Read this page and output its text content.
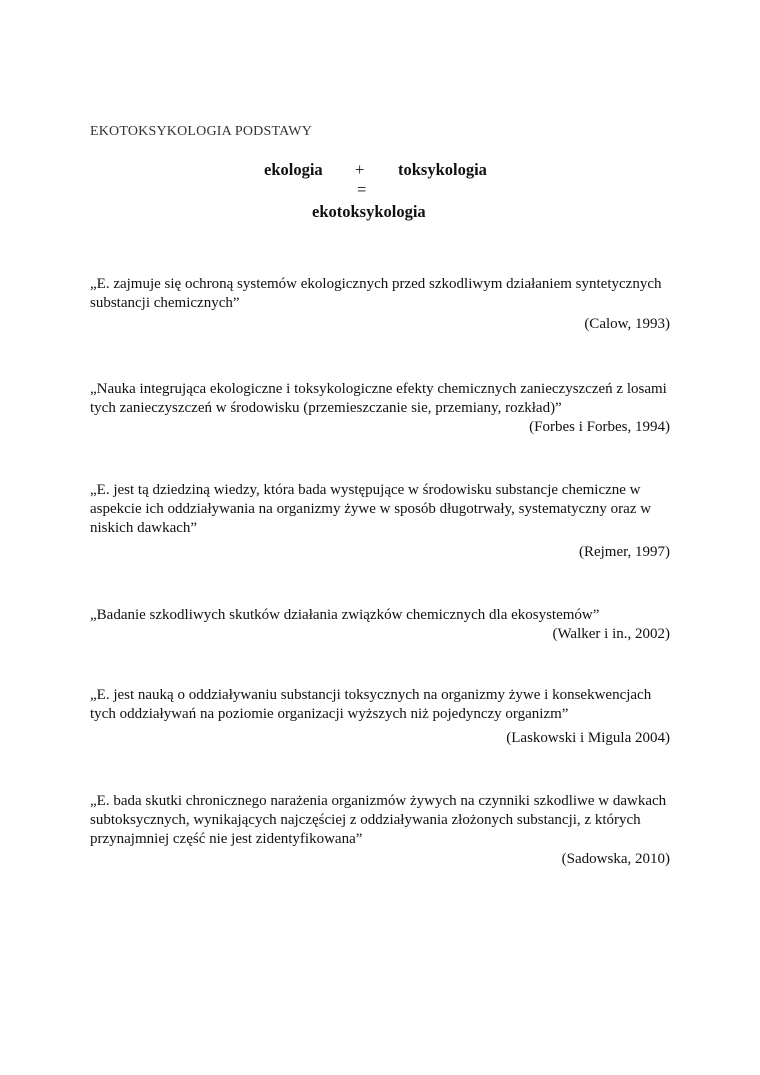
EKOTOKSYKOLOGIA PODSTAWY
ekologia + toksykologia
=
ekotoksykologia
„E. zajmuje się ochroną systemów ekologicznych przed szkodliwym działaniem syntetycznych substancji chemicznych”
(Calow, 1993)
„Nauka integrująca ekologiczne i toksykologiczne efekty chemicznych zanieczyszczeń z losami tych zanieczyszczeń w środowisku (przemieszczanie sie, przemiany, rozkład)”
(Forbes i Forbes, 1994)
„E. jest tą dziedziną wiedzy, która bada występujące w środowisku substancje chemiczne w aspekcie ich oddziaływania na organizmy żywe w sposób długotrwały, systematyczny oraz w niskich dawkach”
(Rejmer, 1997)
„Badanie szkodliwych skutków działania związków chemicznych dla ekosystemów”
(Walker i in., 2002)
„E. jest nauką o oddziaływaniu substancji toksycznych na organizmy żywe i konsekwencjach tych oddziaływań na poziomie organizacji wyższych niż pojedynczy organizm”
(Laskowski i Migula 2004)
„E. bada skutki chronicznego narażenia organizmów żywych na czynniki szkodliwe w dawkach subtoksycznych, wynikających najczęściej z oddziaływania złożonych substancji, z których przynajmniej część nie jest zidentyfikowana”
(Sadowska, 2010)
